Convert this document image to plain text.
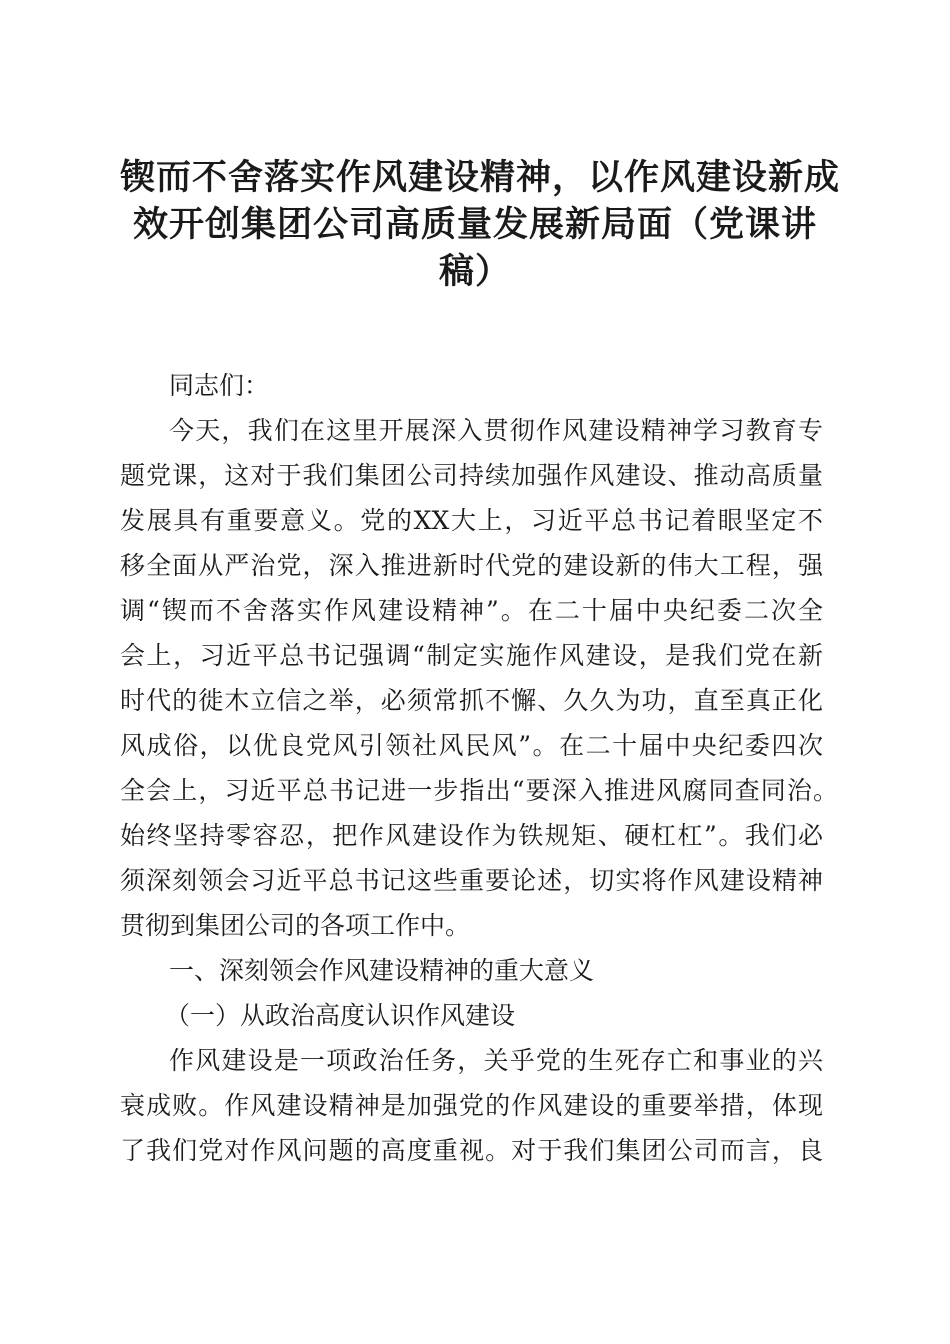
锲而不舍落实作风建设精神，以作风建设新成
效开创集团公司高质量发展新局面（党课讲
稿）
同志们：
今天，我们在这里开展深入贯彻作风建设精神学习教育专
题党课，这对于我们集团公司持续加强作风建设、推动高质量
发展具有重要意义。党的XX大上，习近平总书记着眼坚定不
移全面从严治党，深入推进新时代党的建设新的伟大工程，强
调“锲而不舍落实作风建设精神”。在二十届中央纪委二次全
会上，习近平总书记强调“制定实施作风建设，是我们党在新
时代的徙木立信之举，必须常抓不懈、久久为功，直至真正化
风成俗，以优良党风引领社风民风”。在二十届中央纪委四次
全会上，习近平总书记进一步指出“要深入推进风腐同查同治。
始终坚持零容忍，把作风建设作为铁规矩、硬杠杠”。我们必
须深刻领会习近平总书记这些重要论述，切实将作风建设精神
贯彻到集团公司的各项工作中。
一、深刻领会作风建设精神的重大意义
（一）从政治高度认识作风建设
作风建设是一项政治任务，关乎党的生死存亡和事业的兴
衰成败。作风建设精神是加强党的作风建设的重要举措，体现
了我们党对作风问题的高度重视。对于我们集团公司而言，良
